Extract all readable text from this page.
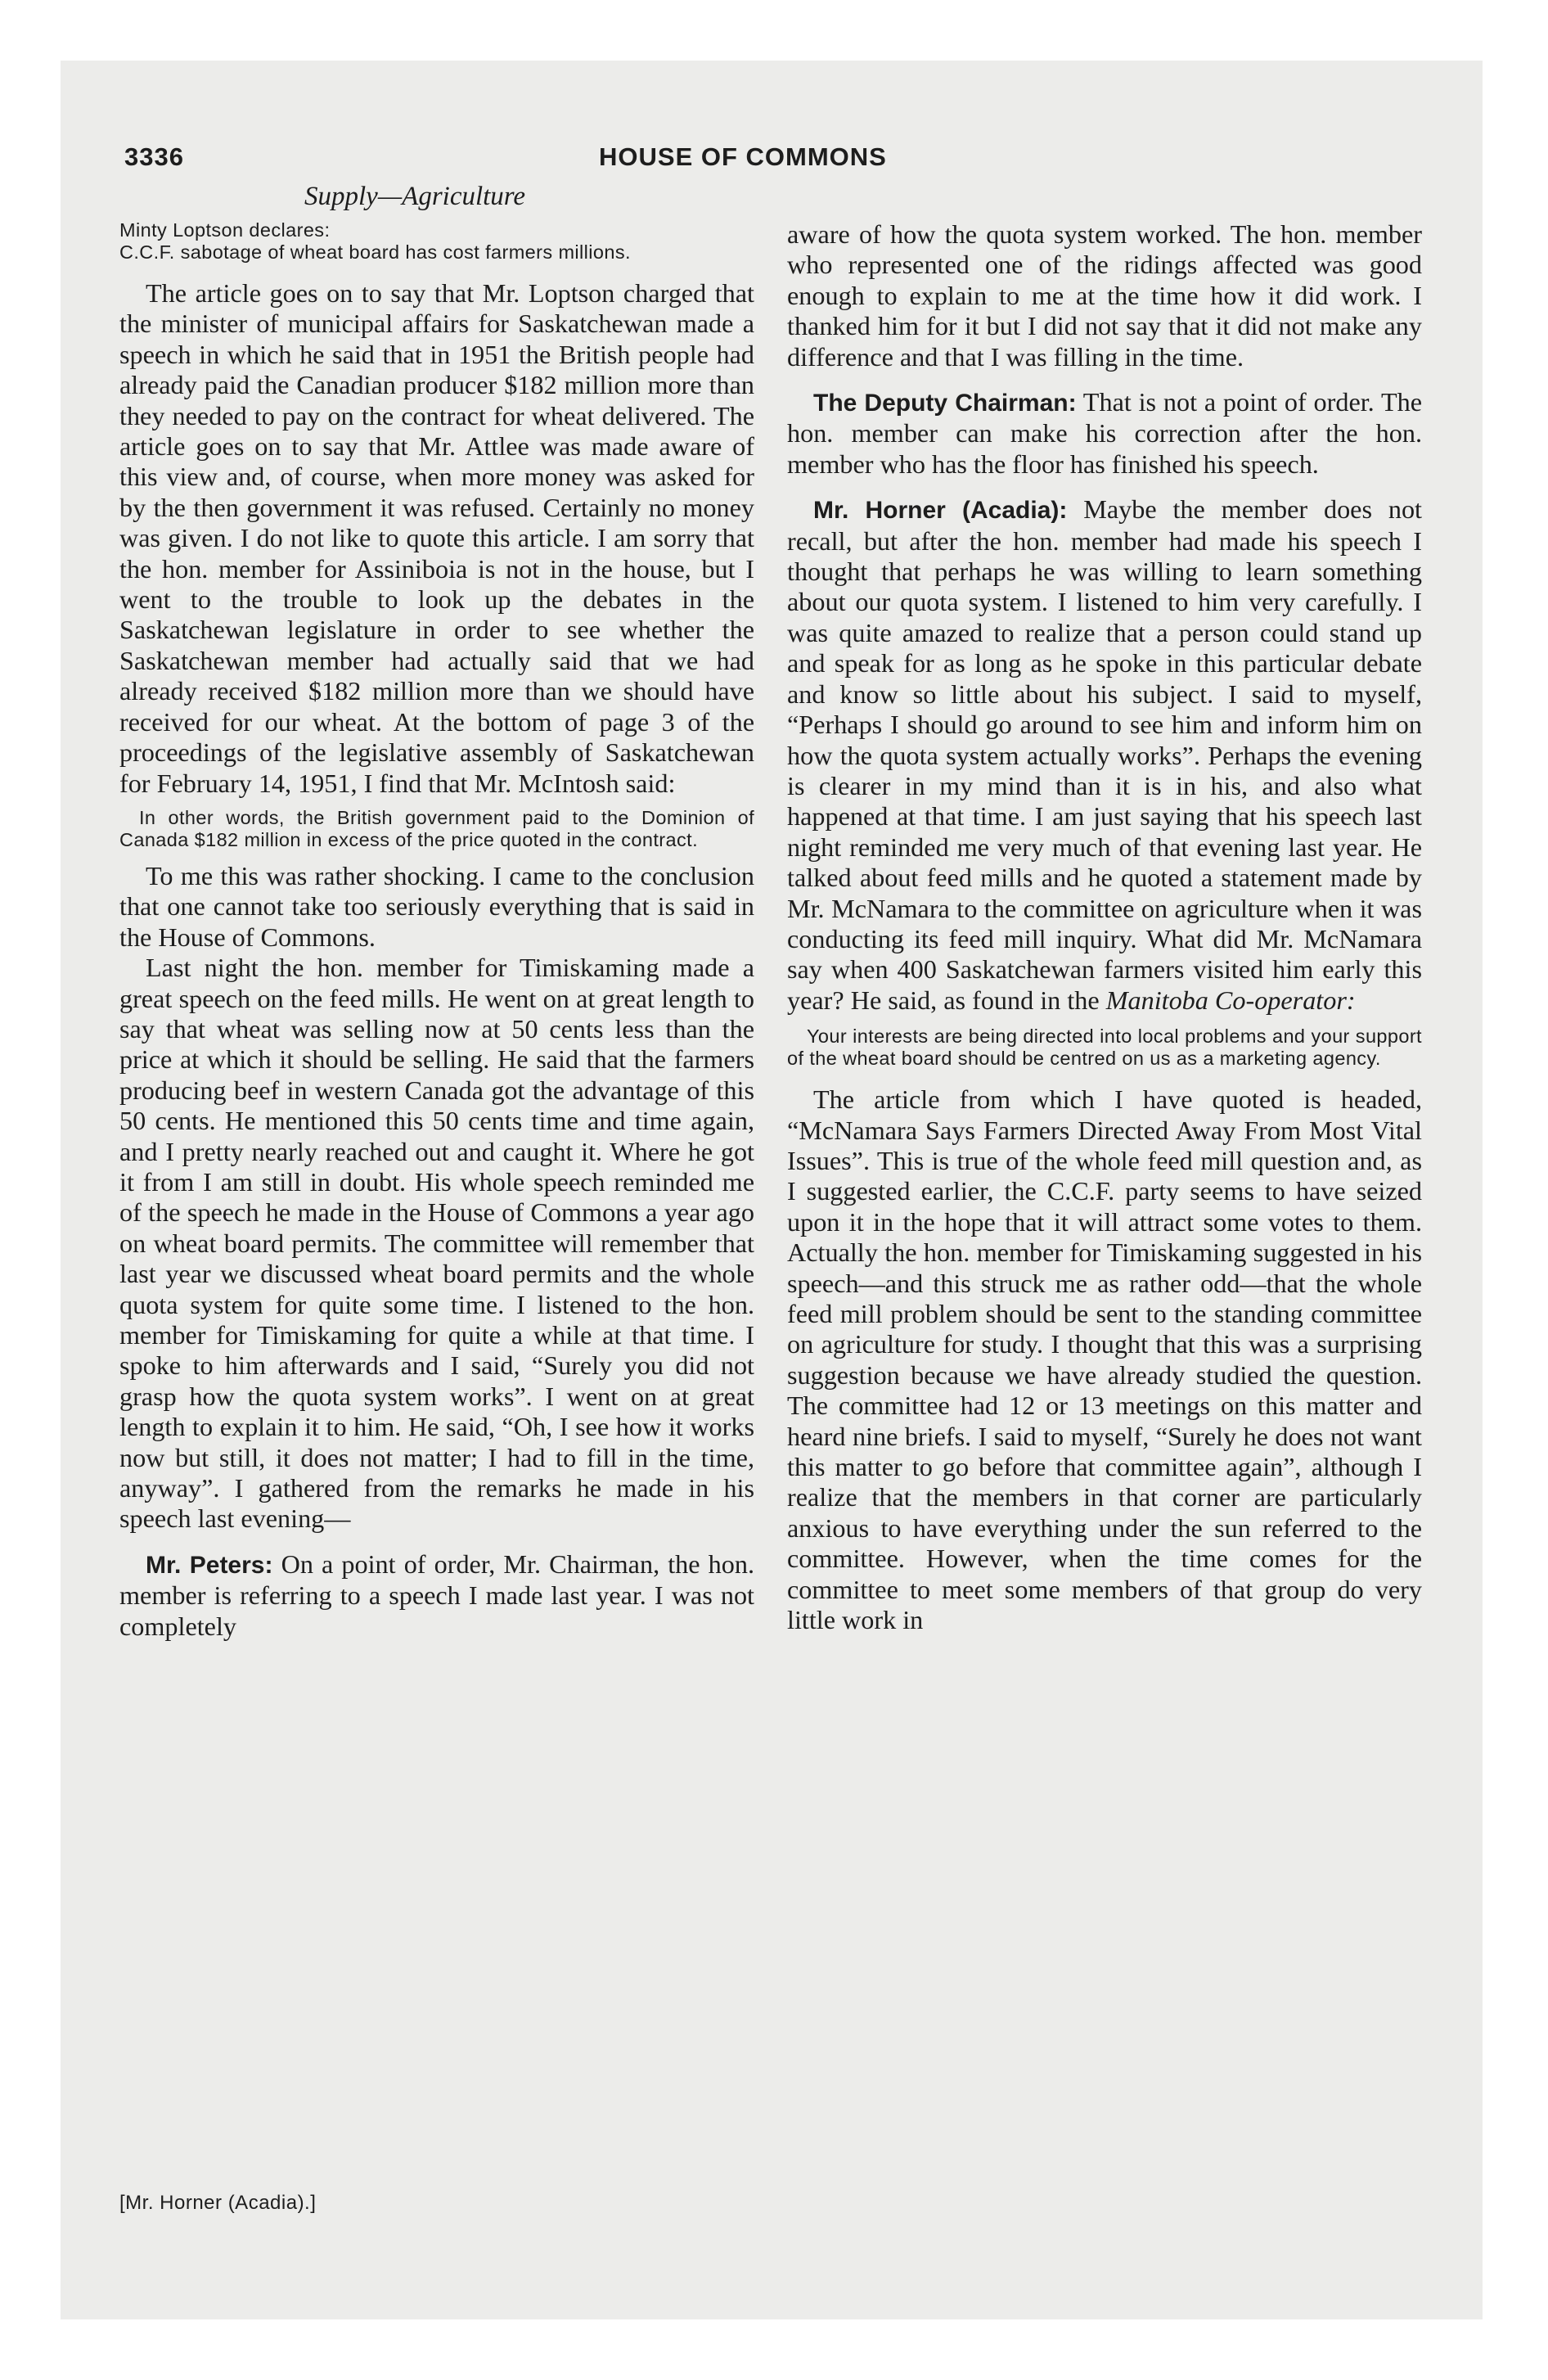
3336	HOUSE OF COMMONS
Supply—Agriculture

Minty Loptson declares:

C.C.F. sabotage of wheat board has cost farmers millions.

The article goes on to say that Mr. Loptson charged that the minister of municipal affairs for Saskatchewan made a speech in which he said that in 1951 the British people had already paid the Canadian producer $182 million more than they needed to pay on the contract for wheat delivered. The article goes on to say that Mr. Attlee was made aware of this view and, of course, when more money was asked for by the then government it was refused. Certainly no money was given. I do not like to quote this article. I am sorry that the hon. member for Assiniboia is not in the house, but I went to the trouble to look up the debates in the Saskatchewan legislature in order to see whether the Saskatchewan member had actually said that we had already received $182 million more than we should have received for our wheat. At the bottom of page 3 of the proceedings of the legislative assembly of Saskatchewan for February 14, 1951, I find that Mr. McIntosh said:

In other words, the British government paid to the Dominion of Canada $182 million in excess of the price quoted in the contract.

To me this was rather shocking. I came to the conclusion that one cannot take too seriously everything that is said in the House of Commons.

Last night the hon. member for Timiskaming made a great speech on the feed mills. He went on at great length to say that wheat was selling now at 50 cents less than the price at which it should be selling. He said that the farmers producing beef in western Canada got the advantage of this 50 cents. He mentioned this 50 cents time and time again, and I pretty nearly reached out and caught it. Where he got it from I am still in doubt. His whole speech reminded me of the speech he made in the House of Commons a year ago on wheat board permits. The committee will remember that last year we discussed wheat board permits and the whole quota system for quite some time. I listened to the hon. member for Timiskaming for quite a while at that time. I spoke to him afterwards and I said, “Surely you did not grasp how the quota system works”. I went on at great length to explain it to him. He said, “Oh, I see how it works now but still, it does not matter; I had to fill in the time, anyway”. I gathered from the remarks he made in his speech last evening—

Mr. Peters: On a point of order, Mr. Chairman, the hon. member is referring to a speech I made last year. I was not completely

aware of how the quota system worked. The hon. member who represented one of the ridings affected was good enough to explain to me at the time how it did work. I thanked him for it but I did not say that it did not make any difference and that I was filling in the time.

The Deputy Chairman: That is not a point of order. The hon. member can make his correction after the hon. member who has the floor has finished his speech.

Mr. Horner (Acadia): Maybe the member does not recall, but after the hon. member had made his speech I thought that perhaps he was willing to learn something about our quota system. I listened to him very carefully. I was quite amazed to realize that a person could stand up and speak for as long as he spoke in this particular debate and know so little about his subject. I said to myself, “Perhaps I should go around to see him and inform him on how the quota system actually works”. Perhaps the evening is clearer in my mind than it is in his, and also what happened at that time. I am just saying that his speech last night reminded me very much of that evening last year. He talked about feed mills and he quoted a statement made by Mr. McNamara to the committee on agriculture when it was conducting its feed mill inquiry. What did Mr. McNamara say when 400 Saskatchewan farmers visited him early this year? He said, as found in the Manitoba Co-operator:

Your interests are being directed into local problems and your support of the wheat board should be centred on us as a marketing agency.

The article from which I have quoted is headed, “McNamara Says Farmers Directed Away From Most Vital Issues”. This is true of the whole feed mill question and, as I suggested earlier, the C.C.F. party seems to have seized upon it in the hope that it will attract some votes to them. Actually the hon. member for Timiskaming suggested in his speech—and this struck me as rather odd—that the whole feed mill problem should be sent to the standing committee on agriculture for study. I thought that this was a surprising suggestion because we have already studied the question. The committee had 12 or 13 meetings on this matter and heard nine briefs. I said to myself, “Surely he does not want this matter to go before that committee again”, although I realize that the members in that corner are particularly anxious to have everything under the sun referred to the committee. However, when the time comes for the committee to meet some members of that group do very little work in

[Mr. Horner (Acadia).]
